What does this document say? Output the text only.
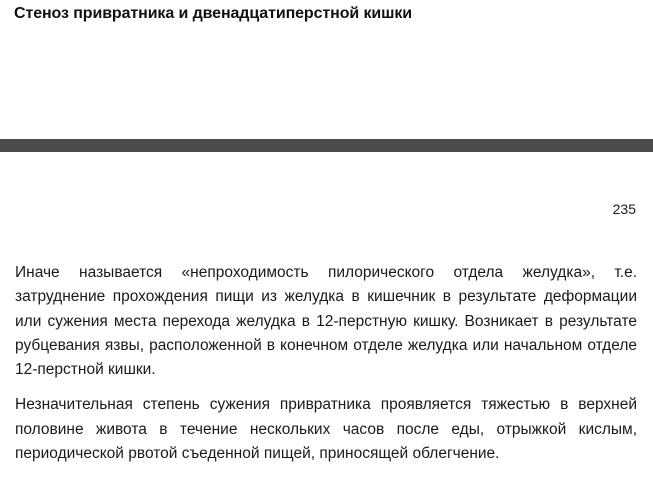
Стеноз привратника и двенадцатиперстной кишки
235

Иначе называется «непроходимость пилорического отдела желудка», т.е. затруднение прохождения пищи из желудка в кишечник в результате деформации или сужения места перехода желудка в 12-перстную кишку. Возникает в результате рубцевания язвы, расположенной в конечном отделе желудка или начальном отделе 12-перстной кишки.

Незначительная степень сужения привратника проявляется тяжестью в верхней половине живота в течение нескольких часов после еды, отрыжкой кислым, периодической рвотой съеденной пищей, приносящей облегчение.
